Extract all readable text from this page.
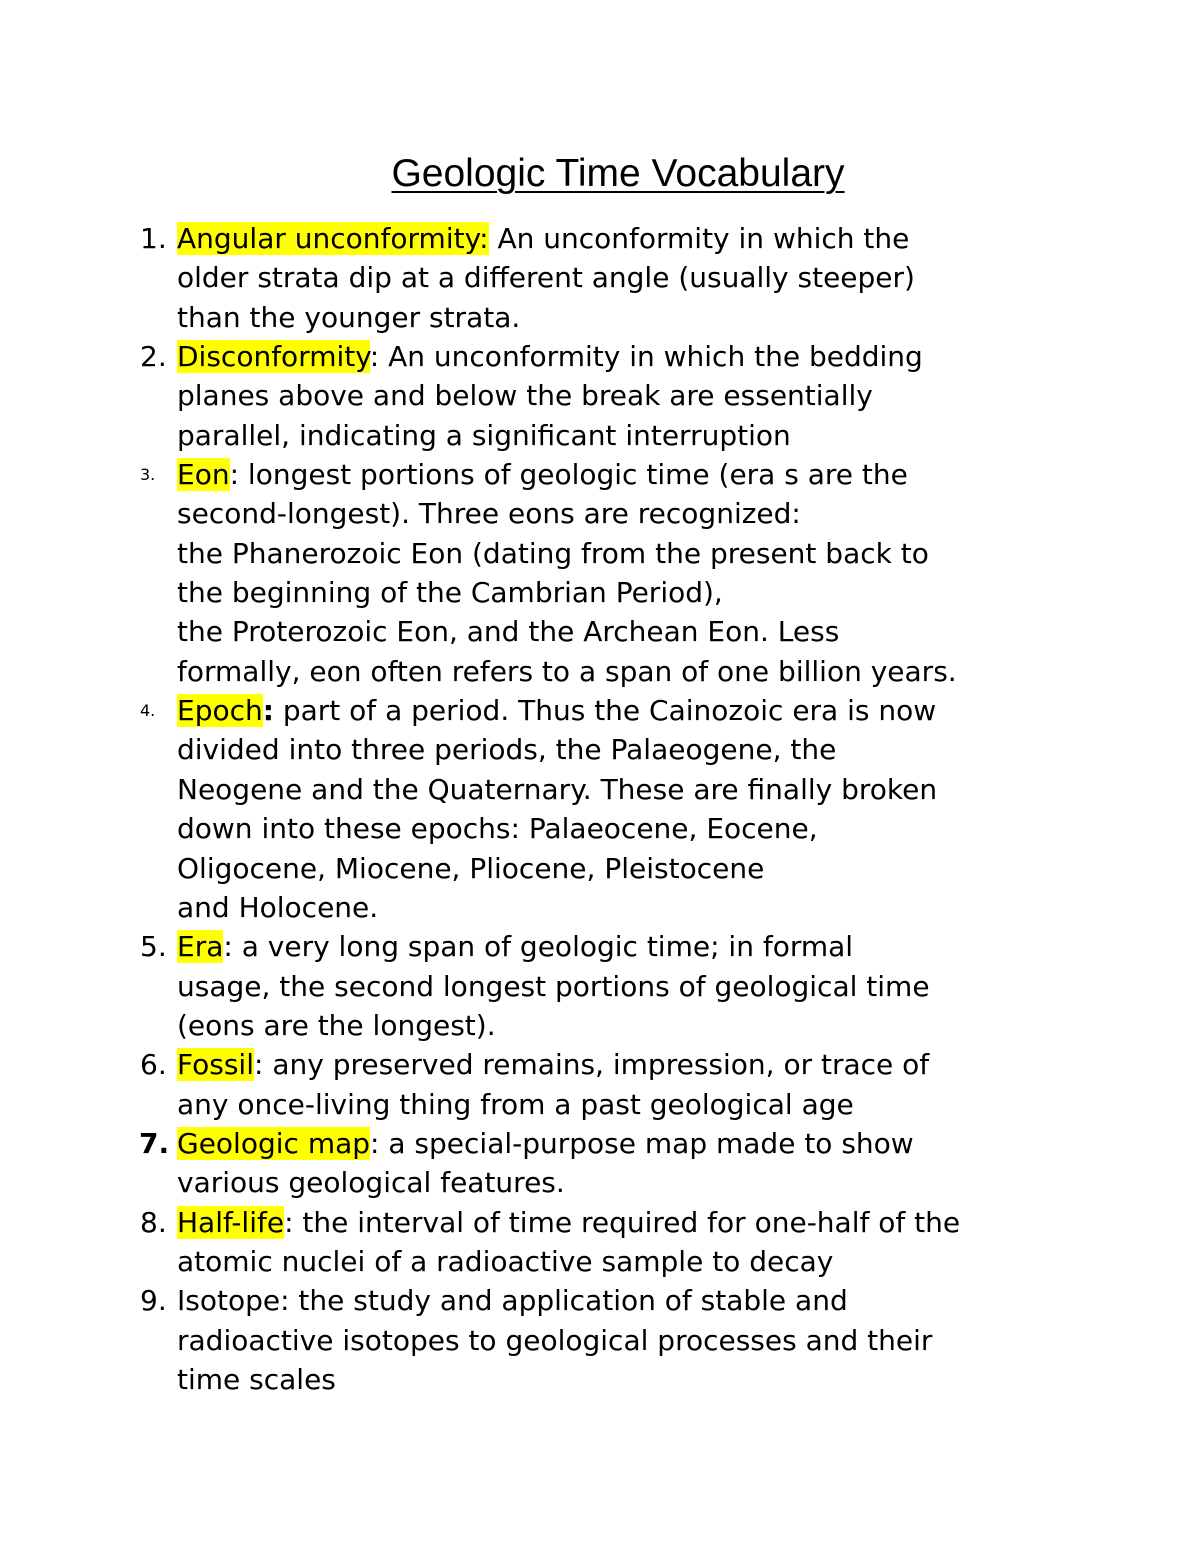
Geologic Time Vocabulary
1. Angular unconformity: An unconformity in which the
older strata dip at a different angle (usually steeper)
than the younger strata.
2. Disconformity: An unconformity in which the bedding
planes above and below the break are essentially
parallel, indicating a significant interruption
3. Eon: longest portions of geologic time (era s are the
second-longest). Three eons are recognized:
the Phanerozoic Eon (dating from the present back to
the beginning of the Cambrian Period),
the Proterozoic Eon, and the Archean Eon. Less
formally, eon often refers to a span of one billion years.
4. Epoch: part of a period. Thus the Cainozoic era is now
divided into three periods, the Palaeogene, the
Neogene and the Quaternary. These are finally broken
down into these epochs: Palaeocene, Eocene,
Oligocene, Miocene, Pliocene, Pleistocene
and Holocene.
5. Era: a very long span of geologic time; in formal
usage, the second longest portions of geological time
(eons are the longest).
6. Fossil: any preserved remains, impression, or trace of
any once-living thing from a past geological age
7. Geologic map: a special-purpose map made to show
various geological features.
8. Half-life: the interval of time required for one-half of the
atomic nuclei of a radioactive sample to decay
9. Isotope: the study and application of stable and
radioactive isotopes to geological processes and their
time scales
